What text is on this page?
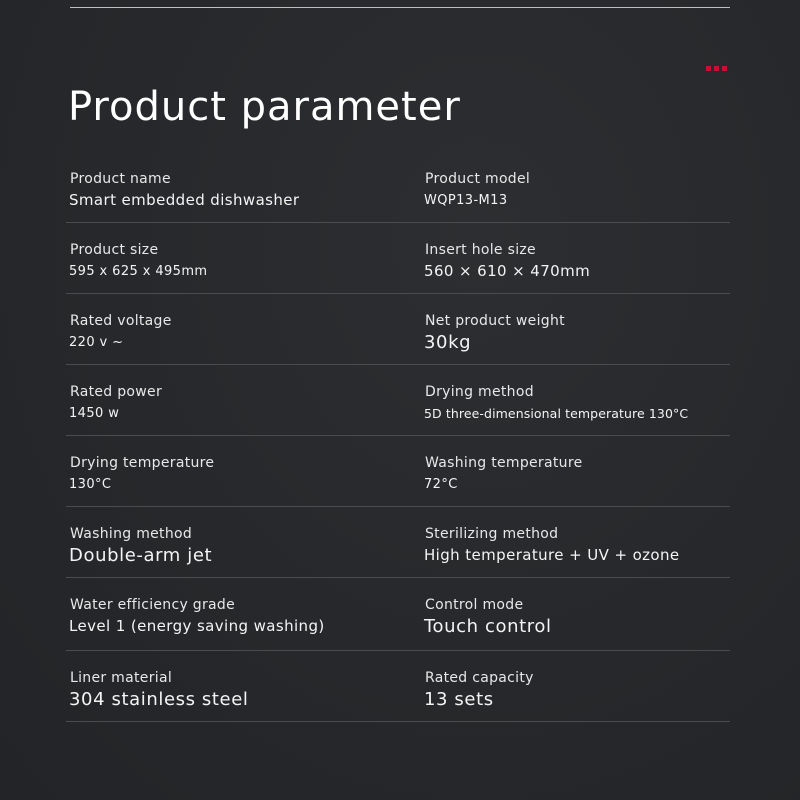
Product parameter
Product name
Smart embedded dishwasher
Product model
WQP13-M13
Product size
595 x 625 x 495mm
Insert hole size
560 × 610 × 470mm
Rated voltage
220 v ~
Net product weight
30kg
Rated power
1450 w
Drying method
5D three-dimensional temperature 130°C
Drying temperature
130°C
Washing temperature
72°C
Washing method
Double-arm jet
Sterilizing method
High temperature + UV + ozone
Water efficiency grade
Level 1 (energy saving washing)
Control mode
Touch control
Liner material
304 stainless steel
Rated capacity
13 sets
